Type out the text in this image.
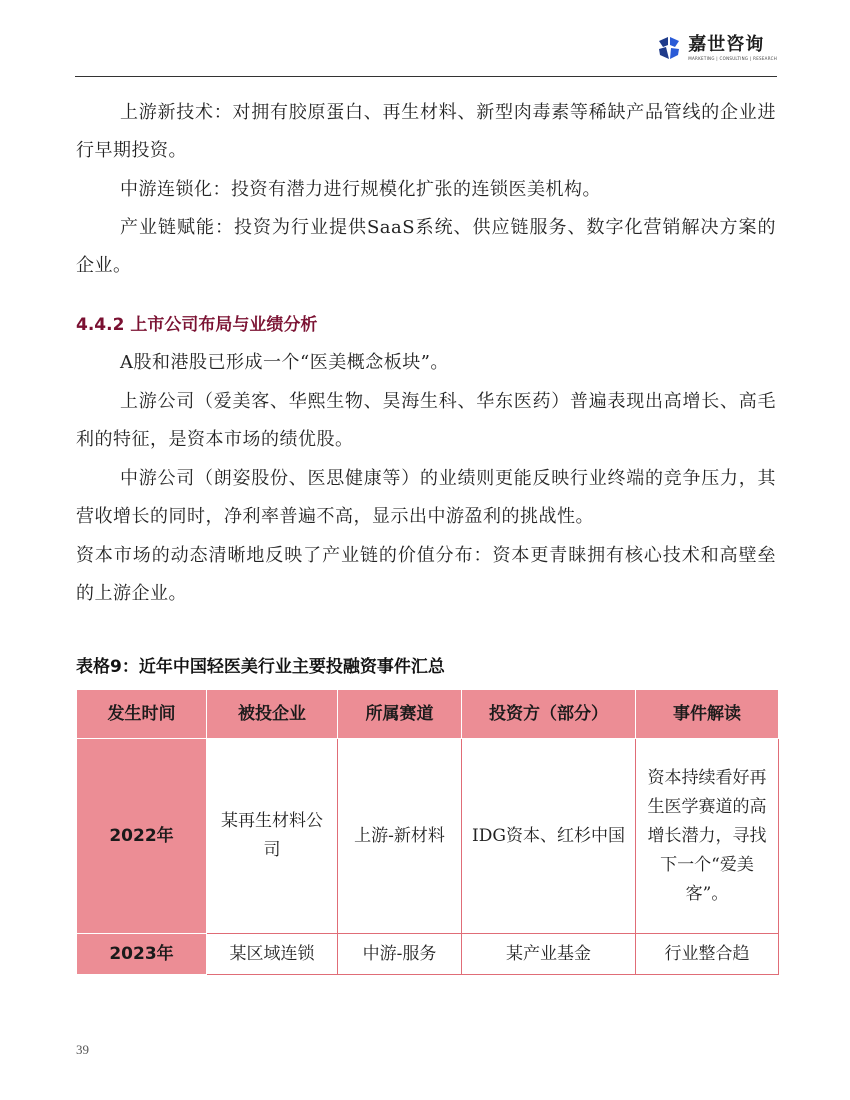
嘉世咨询
MARKETING | CONSULTING | RESEARCH
上游新技术：对拥有胶原蛋白、再生材料、新型肉毒素等稀缺产品管线的企业进行早期投资。
中游连锁化：投资有潜力进行规模化扩张的连锁医美机构。
产业链赋能：投资为行业提供SaaS系统、供应链服务、数字化营销解决方案的企业。
4.4.2 上市公司布局与业绩分析
A股和港股已形成一个“医美概念板块”。
上游公司（爱美客、华熙生物、昊海生科、华东医药）普遍表现出高增长、高毛利的特征，是资本市场的绩优股。
中游公司（朗姿股份、医思健康等）的业绩则更能反映行业终端的竞争压力，其营收增长的同时，净利率普遍不高，显示出中游盈利的挑战性。
资本市场的动态清晰地反映了产业链的价值分布：资本更青睐拥有核心技术和高壁垒的上游企业。
表格9：近年中国轻医美行业主要投融资事件汇总
发生时间	被投企业	所属赛道	投资方（部分）	事件解读
2022年	某再生材料公司	上游-新材料	IDG资本、红杉中国	资本持续看好再生医学赛道的高增长潜力，寻找下一个“爱美客”。
2023年	某区域连锁	中游-服务	某产业基金	行业整合趋
39
